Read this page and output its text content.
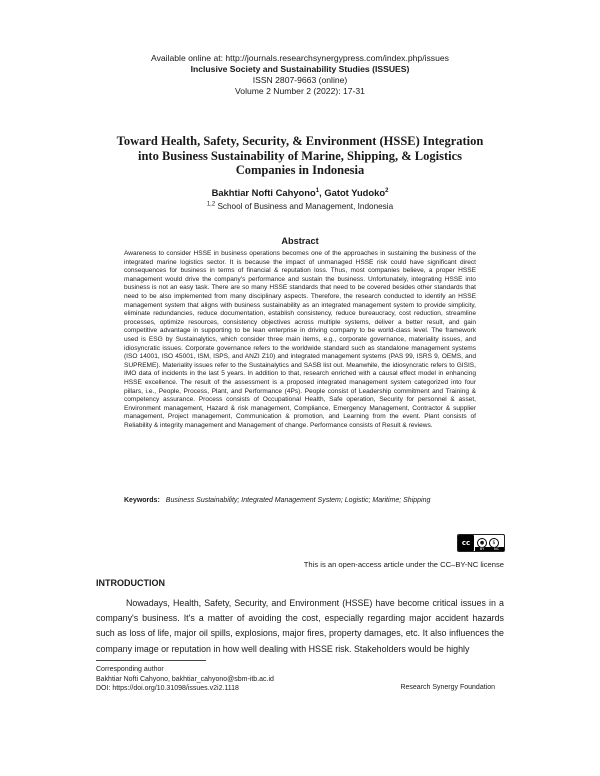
Available online at: http://journals.researchsynergypress.com/index.php/issues
Inclusive Society and Sustainability Studies (ISSUES)
ISSN 2807-9663 (online)
Volume 2 Number 2 (2022): 17-31
Toward Health, Safety, Security, & Environment (HSSE) Integration into Business Sustainability of Marine, Shipping, & Logistics Companies in Indonesia
Bakhtiar Nofti Cahyono$^1$, Gatot Yudoko$^2$
$^{1,2}$ School of Business and Management, Indonesia
Abstract
Awareness to consider HSSE in business operations becomes one of the approaches in sustaining the business of the integrated marine logistics sector. It is because the impact of unmanaged HSSE risk could have significant direct consequences for business in terms of financial & reputation loss. Thus, most companies believe, a proper HSSE management would drive the company's performance and sustain the business. Unfortunately, integrating HSSE into business is not an easy task. There are so many HSSE standards that need to be covered besides other standards that need to be also implemented from many disciplinary aspects. Therefore, the research conducted to identify an HSSE management system that aligns with business sustainability as an integrated management system to provide simplicity, eliminate redundancies, reduce documentation, establish consistency, reduce bureaucracy, cost reduction, streamline processes, optimize resources, consistency objectives across multiple systems, deliver a better result, and gain competitive advantage in supporting to be lean enterprise in driving company to be world-class level. The framework used is ESG by Sustainalytics, which consider three main items, e.g., corporate governance, materiality issues, and idiosyncratic issues. Corporate governance refers to the worldwide standard such as standalone management systems (ISO 14001, ISO 45001, ISM, ISPS, and ANZI Z10) and integrated management systems (PAS 99, ISRS 9, OEMS, and SUPREME). Materiality issues refer to the Sustainalytics and SASB list out. Meanwhile, the idiosyncratic refers to GISIS, IMO data of incidents in the last 5 years. In addition to that, research enriched with a causal effect model in enhancing HSSE excellence. The result of the assessment is a proposed integrated management system categorized into four pillars, i.e., People, Process, Plant, and Performance (4Ps). People consist of Leadership commitment and Training & competency assurance. Process consists of Occupational Health, Safe operation, Security for personnel & asset, Environment management, Hazard & risk management, Compliance, Emergency Management, Contractor & supplier management, Project management, Communication & promotion, and Learning from the event. Plant consists of Reliability & integrity management and Management of change. Performance consists of Result & reviews.
Keywords: Business Sustainability; Integrated Management System; Logistic; Maritime; Shipping
cc	●	$
BY	NC
This is an open-access article under the CC–BY-NC license
INTRODUCTION
Nowadays, Health, Safety, Security, and Environment (HSSE) have become critical issues in a company's business. It's a matter of avoiding the cost, especially regarding major accident hazards such as loss of life, major oil spills, explosions, major fires, property damages, etc. It also influences the company image or reputation in how well dealing with HSSE risk. Stakeholders would be highly
Corresponding author
Bakhtiar Nofti Cahyono, bakhtiar_cahyono@sbm-itb.ac.id
DOI: https://doi.org/10.31098/issues.v2i2.1118	Research Synergy Foundation
